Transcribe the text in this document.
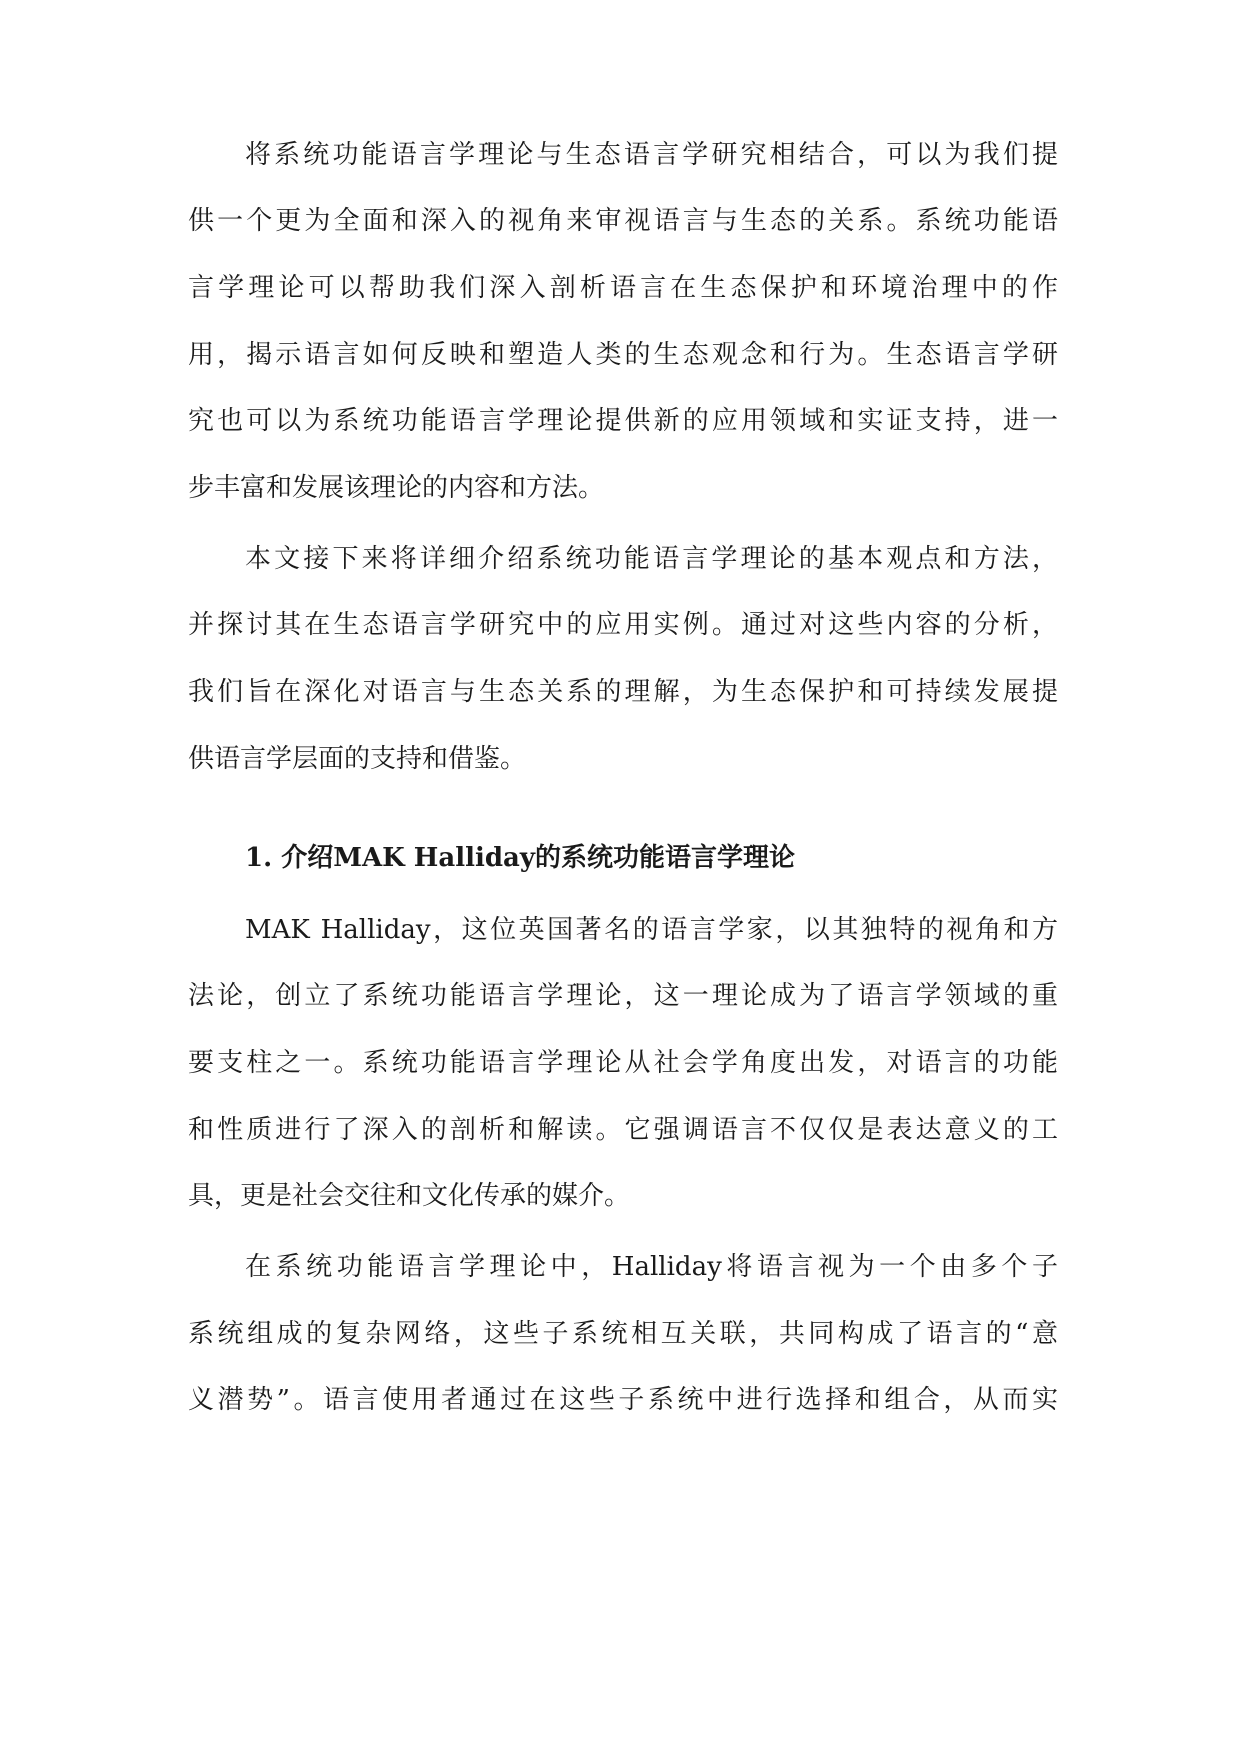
将系统功能语言学理论与生态语言学研究相结合，可以为我们提
供一个更为全面和深入的视角来审视语言与生态的关系。系统功能语
言学理论可以帮助我们深入剖析语言在生态保护和环境治理中的作
用，揭示语言如何反映和塑造人类的生态观念和行为。生态语言学研
究也可以为系统功能语言学理论提供新的应用领域和实证支持，进一
步丰富和发展该理论的内容和方法。
本文接下来将详细介绍系统功能语言学理论的基本观点和方法，
并探讨其在生态语言学研究中的应用实例。通过对这些内容的分析，
我们旨在深化对语言与生态关系的理解，为生态保护和可持续发展提
供语言学层面的支持和借鉴。
1. 介绍MAK Halliday的系统功能语言学理论
MAK Halliday，这位英国著名的语言学家，以其独特的视角和方
法论，创立了系统功能语言学理论，这一理论成为了语言学领域的重
要支柱之一。系统功能语言学理论从社会学角度出发，对语言的功能
和性质进行了深入的剖析和解读。它强调语言不仅仅是表达意义的工
具，更是社会交往和文化传承的媒介。
在系统功能语言学理论中，Halliday将语言视为一个由多个子
系统组成的复杂网络，这些子系统相互关联，共同构成了语言的“意
义潜势”。语言使用者通过在这些子系统中进行选择和组合，从而实
